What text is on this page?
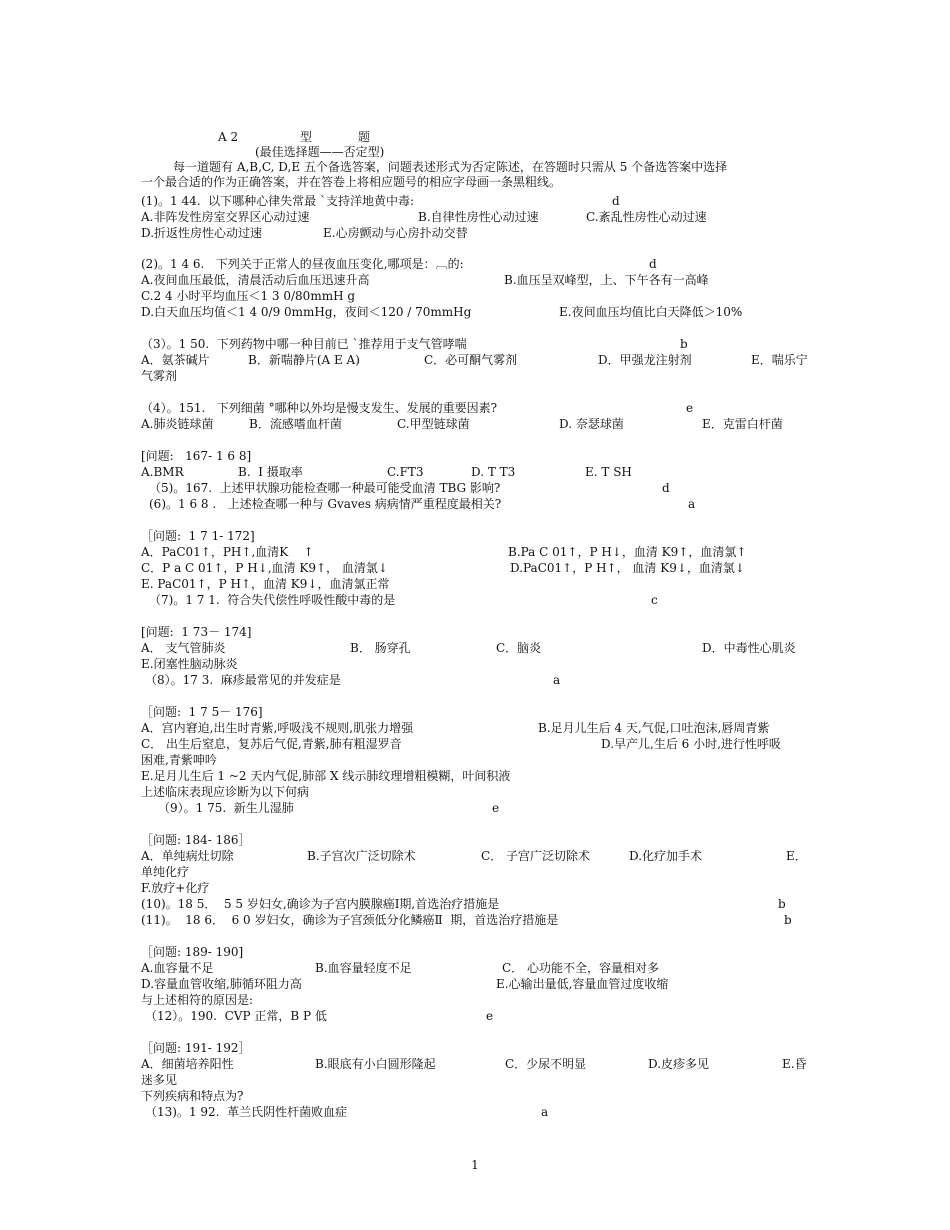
A 2	型	题
(最佳选择题——否定型)
每一道题有 A,B,C, D,E 五个备选答案，问题表述形式为否定陈述，在答题时只需从 5 个备选答案中选择
一个最合适的作为正确答案，并在答卷上将相应题号的相应字母画一条黑粗线。
(1)。1 44.  以下哪种心律失常最 `支持洋地黄中毒:	d
A.非阵发性房室交界区心动过速	B.自律性房性心动过速	C.紊乱性房性心动过速
D.折返性房性心动过速	E.心房颤动与心房扑动交替
(2)。1 4 6.   下列关于正常人的昼夜血压变化,哪项是：︹的:	d
A.夜间血压最低，清晨活动后血压迅速升高	B.血压呈双峰型，上、下午各有一高峰
C.2 4 小时平均血压＜1 3 0/80mmH g
D.白天血压均值＜1 4 0/9 0mmHg，夜间＜120 / 70mmHg	E.夜间血压均值比白天降低＞10%
（3）。1 50.  下列药物中哪一种目前已 `推荐用于支气管哮喘	b
A．氨茶碱片	B．新喘静片(A E A)	C．必可酮气雾剂	D．甲强龙注射剂	E．喘乐宁
气雾剂
（4）。151.   下列细菌 °哪种以外均是慢支发生、发展的重要因素?	e
A.肺炎链球菌	B．流感嗜血杆菌	C.甲型链球菌	D. 奈瑟球菌	E．克雷白杆菌
[问题:   167- 1 6 8]
A.BMR	B.  I 摄取率	C.FT3	D. T T3	E. T SH
（5)。167.  上述甲状腺功能检查哪一种最可能受血清 TBG 影响?	d
(6)。1 6 8 .   上述检查哪一种与 Gvaves 病病情严重程度最相关?	a
［问题:  1 7 1- 172]
A．PaC01↑，PH↑,血清K    ↑	B.Pa C 01↑，P H↓，血清 K9↑，血清氯↑
C．P a C 01↑，P H↓,血清 K9↑， 血清氯↓	D.PaC01↑，P H↑， 血清 K9↓，血清氯↓
E. PaC01↑，P H↑，血清 K9↓，血清氯正常
（7)。1 7 1.  符合失代偿性呼吸性酸中毒的是	c
[问题:  1 73－ 174]
A． 支气管肺炎	B． 肠穿孔	C．脑炎	D．中毒性心肌炎
E.闭塞性脑动脉炎
（8）。17 3.  麻疹最常见的并发症是	a
［问题:  1 7 5－ 176]
A．宫内窘迫,出生时青紫,呼吸浅不规则,肌张力增强	B.足月儿生后 4 天,气促,口吐泡沫,唇周青紫
C． 出生后窒息，复苏后气促,青紫,肺有粗湿罗音	D.早产儿,生后 6 小时,进行性呼吸
困难,青紫呻吟
E.足月儿生后 1 ~2 天内气促,肺部 X 线示肺纹理增粗模糊，叶间积液
上述临床表现应诊断为以下何病
（9）。1 75.  新生儿湿肺	e
［问题: 184- 186］
A．单纯病灶切除	B.子宫次广泛切除术	C． 子宫广泛切除术	D.化疗加手术	E．
单纯化疗
F.放疗+化疗
(10)。18 5．  5 5 岁妇女,确诊为子宫内膜腺癌Ⅰ期,首选治疗措施是	b
(11)。  18 6．  6 0 岁妇女，确诊为子宫颈低分化鳞癌Ⅱ  期，首选治疗措施是	b
［问题: 189- 190]
A.血容量不足	B.血容量轻度不足	C． 心功能不全，容量相对多
D.容量血管收缩,肺循环阻力高	E.心输出量低,容量血管过度收缩
与上述相符的原因是:
（12）。190.  CVP 正常，B P 低	e
［问题: 191- 192］
A．细菌培养阳性	B.眼底有小白圆形隆起	C．少尿不明显	D.皮疹多见	E.昏
迷多见
下列疾病和特点为?
（13)。1 92.  革兰氏阴性杆菌败血症	a
1
